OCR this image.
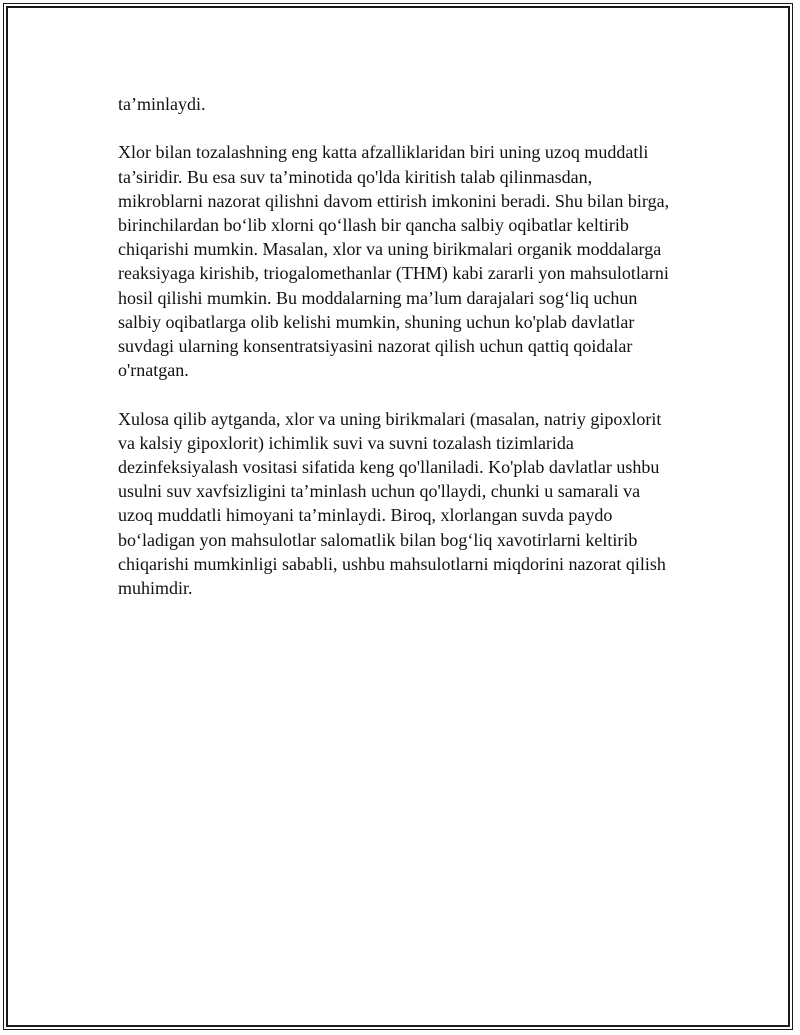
ta’minlaydi.

Xlor bilan tozalashning eng katta afzalliklaridan biri uning uzoq muddatli
ta’siridir. Bu esa suv ta’minotida qo'lda kiritish talab qilinmasdan,
mikroblarni nazorat qilishni davom ettirish imkonini beradi. Shu bilan birga,
birinchilardan bo‘lib xlorni qo‘llash bir qancha salbiy oqibatlar keltirib
chiqarishi mumkin. Masalan, xlor va uning birikmalari organik moddalarga
reaksiyaga kirishib, triogalomethanlar (THM) kabi zararli yon mahsulotlarni
hosil qilishi mumkin. Bu moddalarning ma’lum darajalari sog‘liq uchun
salbiy oqibatlarga olib kelishi mumkin, shuning uchun ko'plab davlatlar
suvdagi ularning konsentratsiyasini nazorat qilish uchun qattiq qoidalar
o'rnatgan.

Xulosa qilib aytganda, xlor va uning birikmalari (masalan, natriy gipoxlorit
va kalsiy gipoxlorit) ichimlik suvi va suvni tozalash tizimlarida
dezinfeksiyalash vositasi sifatida keng qo'llaniladi. Ko'plab davlatlar ushbu
usulni suv xavfsizligini ta’minlash uchun qo'llaydi, chunki u samarali va
uzoq muddatli himoyani ta’minlaydi. Biroq, xlorlangan suvda paydo
bo‘ladigan yon mahsulotlar salomatlik bilan bog‘liq xavotirlarni keltirib
chiqarishi mumkinligi sababli, ushbu mahsulotlarni miqdorini nazorat qilish
muhimdir.
